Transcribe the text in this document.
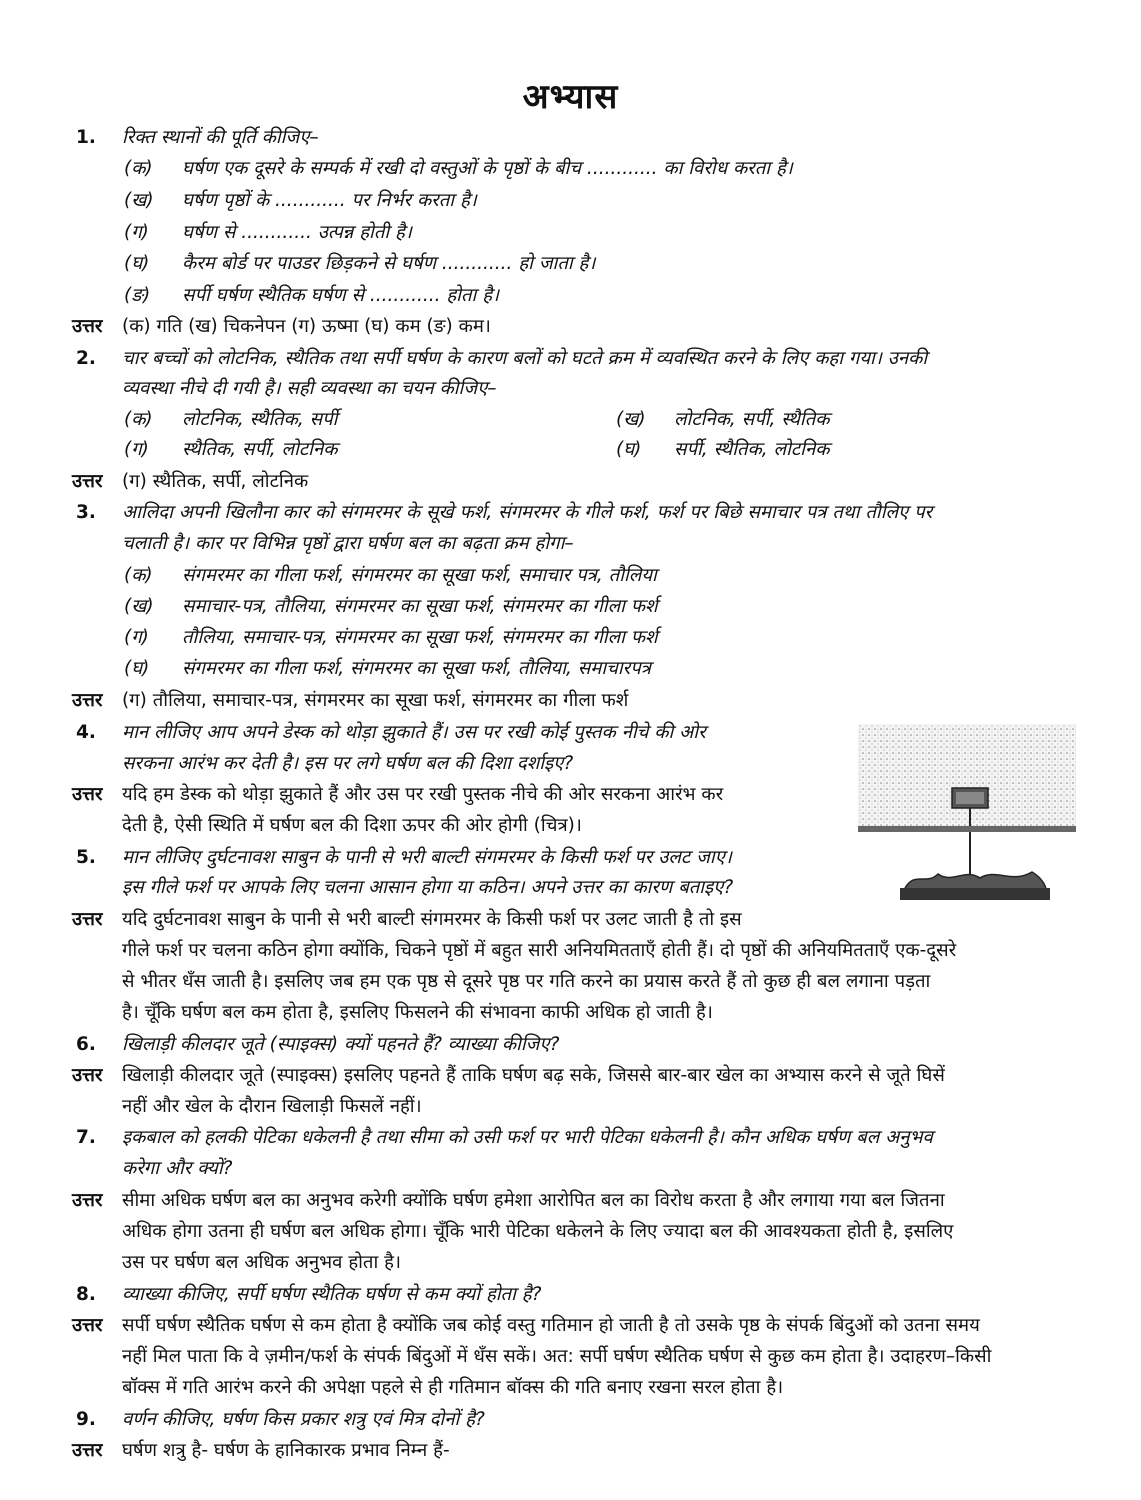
अभ्यास
1. रिक्त स्थानों की पूर्ति कीजिए–
(क) घर्षण एक दूसरे के सम्पर्क में रखी दो वस्तुओं के पृष्ठों के बीच ............ का विरोध करता है।
(ख) घर्षण पृष्ठों के ............ पर निर्भर करता है।
(ग) घर्षण से ............ उत्पन्न होती है।
(घ) कैरम बोर्ड पर पाउडर छिड़कने से घर्षण ............ हो जाता है।
(ङ) सर्पी घर्षण स्थैतिक घर्षण से ............ होता है।
उत्तर (क) गति (ख) चिकनेपन (ग) ऊष्मा (घ) कम (ङ) कम।
2. चार बच्चों को लोटनिक, स्थैतिक तथा सर्पी घर्षण के कारण बलों को घटते क्रम में व्यवस्थित करने के लिए कहा गया। उनकी
व्यवस्था नीचे दी गयी है। सही व्यवस्था का चयन कीजिए–
(क) लोटनिक, स्थैतिक, सर्पी	(ख) लोटनिक, सर्पी, स्थैतिक
(ग) स्थैतिक, सर्पी, लोटनिक	(घ) सर्पी, स्थैतिक, लोटनिक
उत्तर (ग) स्थैतिक, सर्पी, लोटनिक
3. आलिदा अपनी खिलौना कार को संगमरमर के सूखे फर्श, संगमरमर के गीले फर्श, फर्श पर बिछे समाचार पत्र तथा तौलिए पर
चलाती है। कार पर विभिन्न पृष्ठों द्वारा घर्षण बल का बढ़ता क्रम होगा–
(क) संगमरमर का गीला फर्श, संगमरमर का सूखा फर्श, समाचार पत्र, तौलिया
(ख) समाचार-पत्र, तौलिया, संगमरमर का सूखा फर्श, संगमरमर का गीला फर्श
(ग) तौलिया, समाचार-पत्र, संगमरमर का सूखा फर्श, संगमरमर का गीला फर्श
(घ) संगमरमर का गीला फर्श, संगमरमर का सूखा फर्श, तौलिया, समाचारपत्र
उत्तर (ग) तौलिया, समाचार-पत्र, संगमरमर का सूखा फर्श, संगमरमर का गीला फर्श
4. मान लीजिए आप अपने डेस्क को थोड़ा झुकाते हैं। उस पर रखी कोई पुस्तक नीचे की ओर
सरकना आरंभ कर देती है। इस पर लगे घर्षण बल की दिशा दर्शाइए?
उत्तर यदि हम डेस्क को थोड़ा झुकाते हैं और उस पर रखी पुस्तक नीचे की ओर सरकना आरंभ कर
देती है, ऐसी स्थिति में घर्षण बल की दिशा ऊपर की ओर होगी (चित्र)।
5. मान लीजिए दुर्घटनावश साबुन के पानी से भरी बाल्टी संगमरमर के किसी फर्श पर उलट जाए।
इस गीले फर्श पर आपके लिए चलना आसान होगा या कठिन। अपने उत्तर का कारण बताइए?
उत्तर यदि दुर्घटनावश साबुन के पानी से भरी बाल्टी संगमरमर के किसी फर्श पर उलट जाती है तो इस
गीले फर्श पर चलना कठिन होगा क्योंकि, चिकने पृष्ठों में बहुत सारी अनियमितताएँ होती हैं। दो पृष्ठों की अनियमितताएँ एक-दूसरे
से भीतर धँस जाती है। इसलिए जब हम एक पृष्ठ से दूसरे पृष्ठ पर गति करने का प्रयास करते हैं तो कुछ ही बल लगाना पड़ता
है। चूँकि घर्षण बल कम होता है, इसलिए फिसलने की संभावना काफी अधिक हो जाती है।
6. खिलाड़ी कीलदार जूते (स्पाइक्स) क्यों पहनते हैं? व्याख्या कीजिए?
उत्तर खिलाड़ी कीलदार जूते (स्पाइक्स) इसलिए पहनते हैं ताकि घर्षण बढ़ सके, जिससे बार-बार खेल का अभ्यास करने से जूते घिसें
नहीं और खेल के दौरान खिलाड़ी फिसलें नहीं।
7. इकबाल को हलकी पेटिका धकेलनी है तथा सीमा को उसी फर्श पर भारी पेटिका धकेलनी है। कौन अधिक घर्षण बल अनुभव
करेगा और क्यों?
उत्तर सीमा अधिक घर्षण बल का अनुभव करेगी क्योंकि घर्षण हमेशा आरोपित बल का विरोध करता है और लगाया गया बल जितना
अधिक होगा उतना ही घर्षण बल अधिक होगा। चूँकि भारी पेटिका धकेलने के लिए ज्यादा बल की आवश्यकता होती है, इसलिए
उस पर घर्षण बल अधिक अनुभव होता है।
8. व्याख्या कीजिए, सर्पी घर्षण स्थैतिक घर्षण से कम क्यों होता है?
उत्तर सर्पी घर्षण स्थैतिक घर्षण से कम होता है क्योंकि जब कोई वस्तु गतिमान हो जाती है तो उसके पृष्ठ के संपर्क बिंदुओं को उतना समय
नहीं मिल पाता कि वे ज़मीन/फर्श के संपर्क बिंदुओं में धँस सकें। अत: सर्पी घर्षण स्थैतिक घर्षण से कुछ कम होता है। उदाहरण–किसी
बॉक्स में गति आरंभ करने की अपेक्षा पहले से ही गतिमान बॉक्स की गति बनाए रखना सरल होता है।
9. वर्णन कीजिए, घर्षण किस प्रकार शत्रु एवं मित्र दोनों है?
उत्तर घर्षण शत्रु है- घर्षण के हानिकारक प्रभाव निम्न हैं-
